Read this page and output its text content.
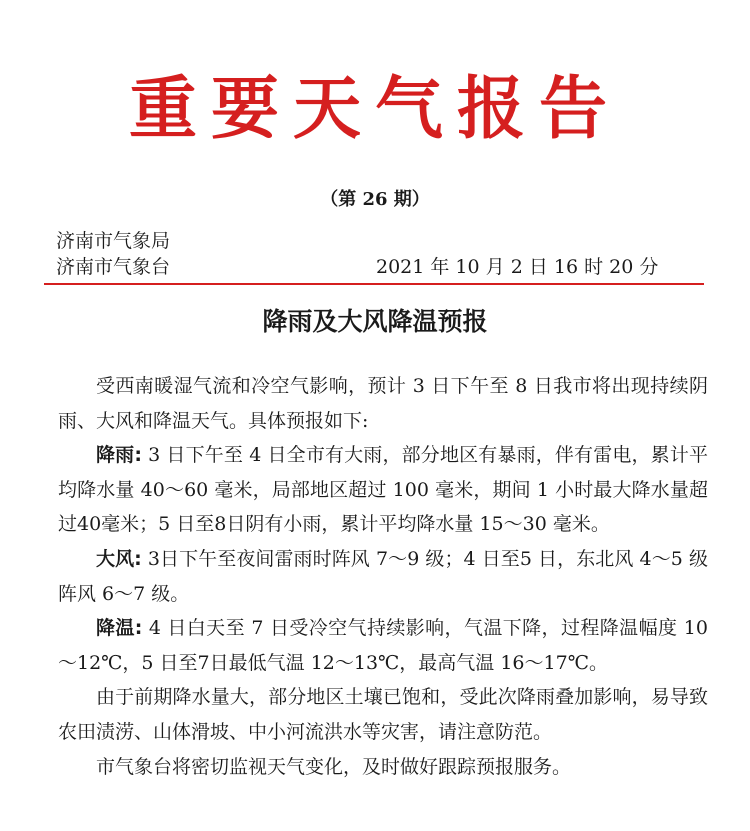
重要天气报告
（第 26 期）
济南市气象局
济南市气象台	2021 年 10 月 2 日 16 时 20 分
降雨及大风降温预报

受西南暖湿气流和冷空气影响，预计 3 日下午至 8 日我市将出现持续阴雨、大风和降温天气。具体预报如下:

降雨: 3 日下午至 4 日全市有大雨，部分地区有暴雨，伴有雷电，累计平均降水量 40～60 毫米，局部地区超过 100 毫米，期间 1 小时最大降水量超过40毫米；5 日至8日阴有小雨，累计平均降水量 15～30 毫米。

大风: 3日下午至夜间雷雨时阵风 7～9 级；4 日至5 日，东北风 4～5 级阵风 6～7 级。

降温: 4 日白天至 7 日受冷空气持续影响，气温下降，过程降温幅度 10～12℃，5 日至7日最低气温 12～13℃，最高气温 16～17℃。

由于前期降水量大，部分地区土壤已饱和，受此次降雨叠加影响，易导致农田渍涝、山体滑坡、中小河流洪水等灾害，请注意防范。

市气象台将密切监视天气变化，及时做好跟踪预报服务。
